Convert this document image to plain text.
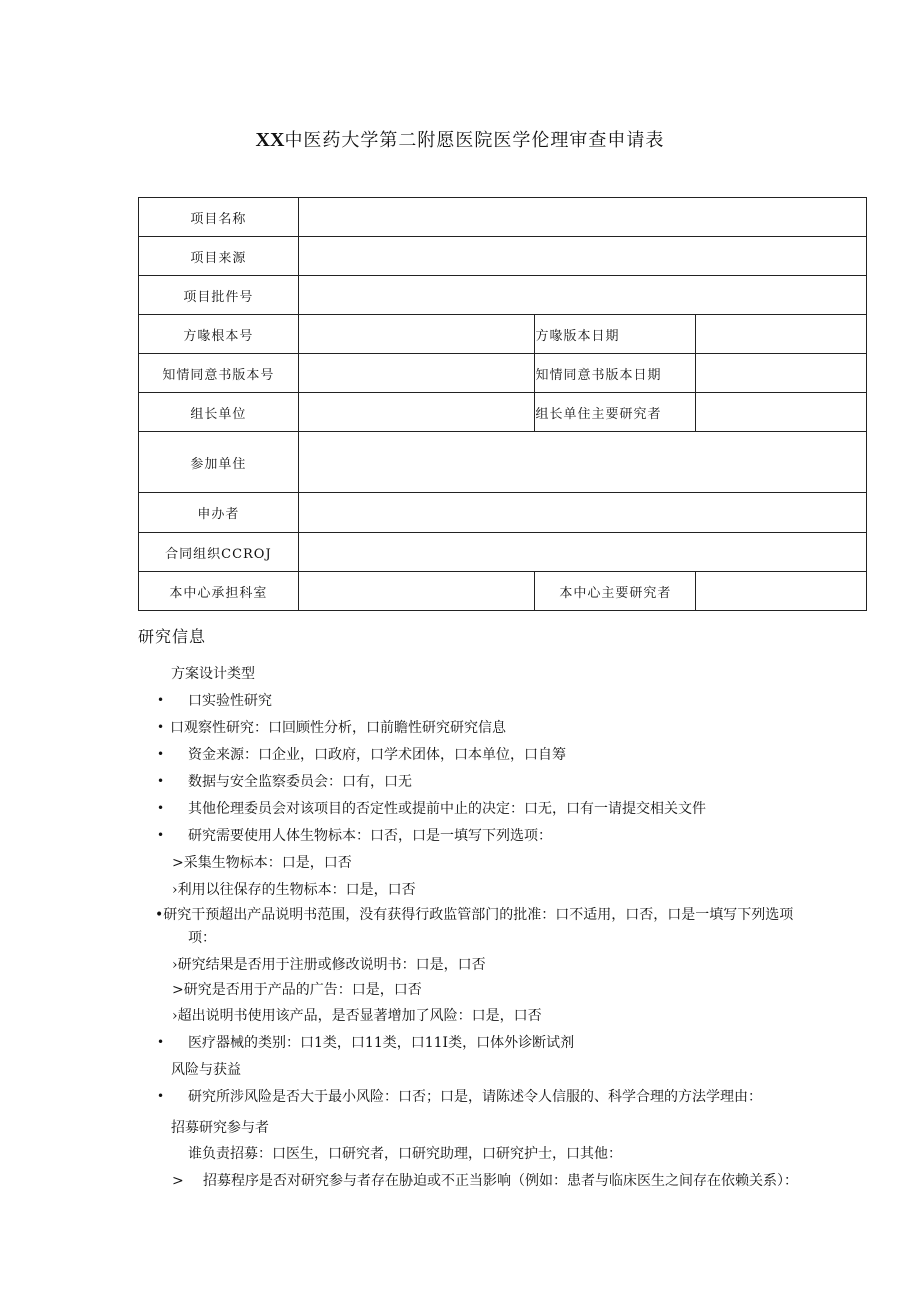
XX中医药大学第二附愿医院医学伦理审查申请表
项目名称			
项目来源			
项目批件号			
方喙根本号		方喙版本日期	
知情同意书版本号		知情同意书版本日期	
组长单位		组长单住主要研究者	
参加单住			
申办者			
合同组织CCROJ			
本中心承担科室		本中心主要研究者	
研究信息
方案设计类型
• 口实验性研究
• 口观察性研究：口回顾性分析，口前瞻性研究研究信息
• 资金来源：口企业，口政府，口学术团体，口本单位，口自筹
• 数据与安全监察委员会：口有，口无
• 其他伦理委员会对该项目的否定性或提前中止的决定：口无，口有一请提交相关文件
• 研究需要使用人体生物标本：口否，口是一填写下列选项：
>采集生物标本：口是，口否
›利用以往保存的生物标本：口是，口否
•研究干预超出产品说明书范围，没有获得行政监管部门的批准：口不适用，口否，口是一填写下列选项
项：
›研究结果是否用于注册或修改说明书：口是，口否
>研究是否用于产品的广告：口是，口否
›超出说明书使用该产品，是否显著增加了风险：口是，口否
• 医疗器械的类别：口1类，口11类，口11I类，口体外诊断试剂
风险与获益
• 研究所涉风险是否大于最小风险：口否；口是，请陈述令人信服的、科学合理的方法学理由：
招募研究参与者
谁负责招募：口医生，口研究者，口研究助理，口研究护士，口其他：
> 招募程序是否对研究参与者存在胁迫或不正当影响（例如：患者与临床医生之间存在依赖关系）：
